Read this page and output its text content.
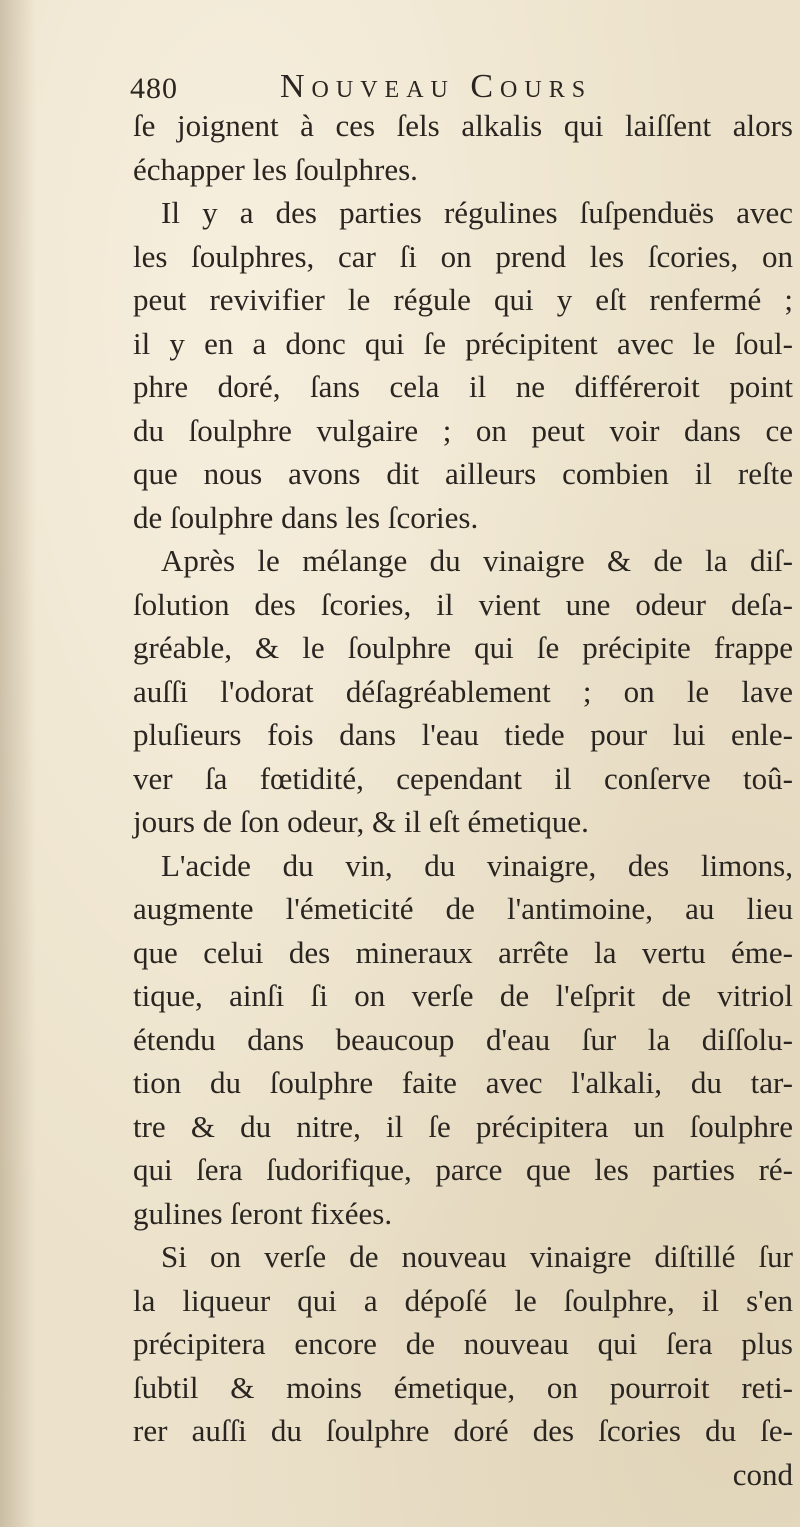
480	Nouveau Cours
ſe joignent à ces ſels alkalis qui laiſſent alors
échapper les ſoulphres.
Il y a des parties régulines ſuſpenduës avec
les ſoulphres, car ſi on prend les ſcories, on
peut revivifier le régule qui y eſt renfermé ;
il y en a donc qui ſe précipitent avec le ſoul-
phre doré, ſans cela il ne différeroit point
du ſoulphre vulgaire ; on peut voir dans ce
que nous avons dit ailleurs combien il reſte
de ſoulphre dans les ſcories.
Après le mélange du vinaigre & de la diſ-
ſolution des ſcories, il vient une odeur deſa-
gréable, & le ſoulphre qui ſe précipite frappe
auſſi l'odorat déſagréablement ; on le lave
pluſieurs fois dans l'eau tiede pour lui enle-
ver ſa fœtidité, cependant il conſerve toû-
jours de ſon odeur, & il eſt émetique.
L'acide du vin, du vinaigre, des limons,
augmente l'émeticité de l'antimoine, au lieu
que celui des mineraux arrête la vertu éme-
tique, ainſi ſi on verſe de l'eſprit de vitriol
étendu dans beaucoup d'eau ſur la diſſolu-
tion du ſoulphre faite avec l'alkali, du tar-
tre & du nitre, il ſe précipitera un ſoulphre
qui ſera ſudorifique, parce que les parties ré-
gulines ſeront fixées.
Si on verſe de nouveau vinaigre diſtillé ſur
la liqueur qui a dépoſé le ſoulphre, il s'en
précipitera encore de nouveau qui ſera plus
ſubtil & moins émetique, on pourroit reti-
rer auſſi du ſoulphre doré des ſcories du ſe-
cond
